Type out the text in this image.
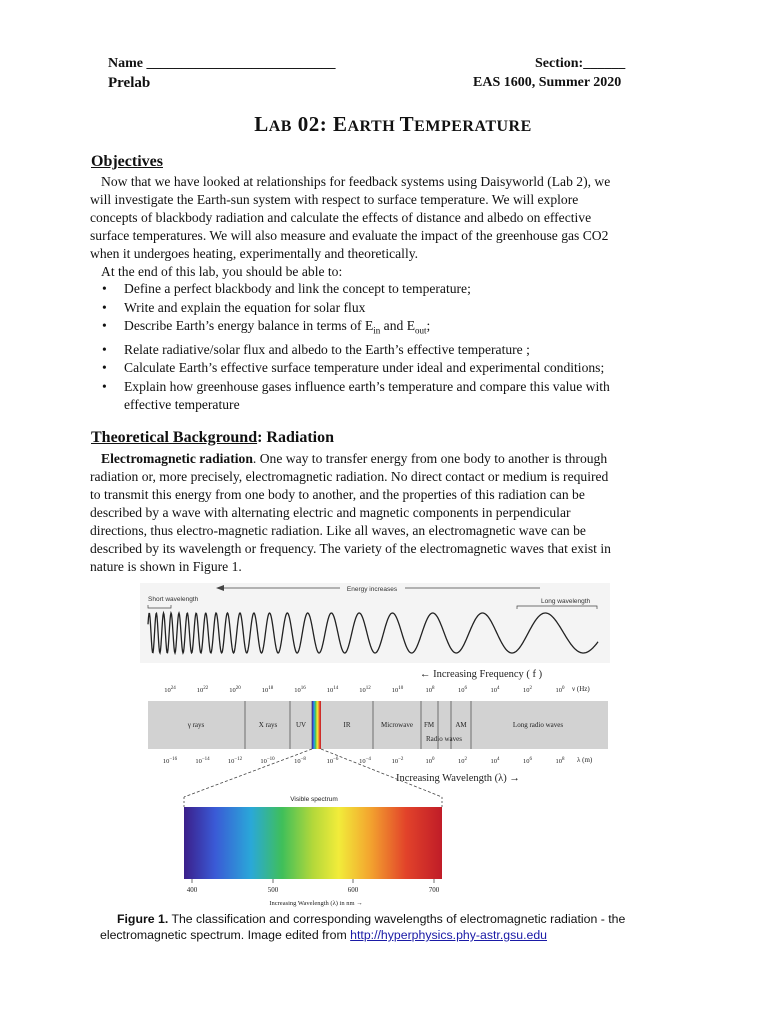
Name ___________________________	Section:______
Prelab	EAS 1600, Summer 2020
LAB 02: EARTH TEMPERATURE
Objectives
Now that we have looked at relationships for feedback systems using Daisyworld (Lab 2), we
will investigate the Earth-sun system with respect to surface temperature. We will explore
concepts of blackbody radiation and calculate the effects of distance and albedo on effective
surface temperatures. We will also measure and evaluate the impact of the greenhouse gas CO2
when it undergoes heating, experimentally and theoretically.
At the end of this lab, you should be able to:
• Define a perfect blackbody and link the concept to temperature;
• Write and explain the equation for solar flux
• Describe Earth’s energy balance in terms of $E_{in}$ and $E_{out}$;
• Relate radiative/solar flux and albedo to the Earth’s effective temperature ;
• Calculate Earth’s effective surface temperature under ideal and experimental conditions;
• Explain how greenhouse gases influence earth’s temperature and compare this value with
effective temperature
Theoretical Background: Radiation
Electromagnetic radiation. One way to transfer energy from one body to another is through
radiation or, more precisely, electromagnetic radiation. No direct contact or medium is required
to transmit this energy from one body to another, and the properties of this radiation can be
described by a wave with alternating electric and magnetic components in perpendicular
directions, thus electro-magnetic radiation. Like all waves, an electromagnetic wave can be
described by its wavelength or frequency. The variety of the electromagnetic waves that exist in
nature is shown in Figure 1.
Energy increases
Short wavelength	Long wavelength
← Increasing Frequency ( f )
$10^{24}$	$10^{22}$	$10^{20}$	$10^{18}$	$10^{16}$	$10^{14}$	$10^{12}$	$10^{10}$	$10^8$	$10^6$	$10^4$	$10^2$	$10^0$ ν (Hz)
γ rays	X rays	UV	IR	Microwave FM	AM
Radio waves
Long radio waves
$10^{-16}$	$10^{-14}$	$10^{-12}$	$10^{-10}$	$10^{-8}$	$10^{-6}$	$10^{-4}$	$10^{-2}$	$10^0$	$10^2$	$10^4$	$10^6$	$10^8$ λ (m)
Increasing Wavelength (λ) →
Visible spectrum
400	500	600	700
Increasing Wavelength (λ) in nm →
Figure 1. The classification and corresponding wavelengths of electromagnetic radiation - the
electromagnetic spectrum. Image edited from http://hyperphysics.phy-astr.gsu.edu
